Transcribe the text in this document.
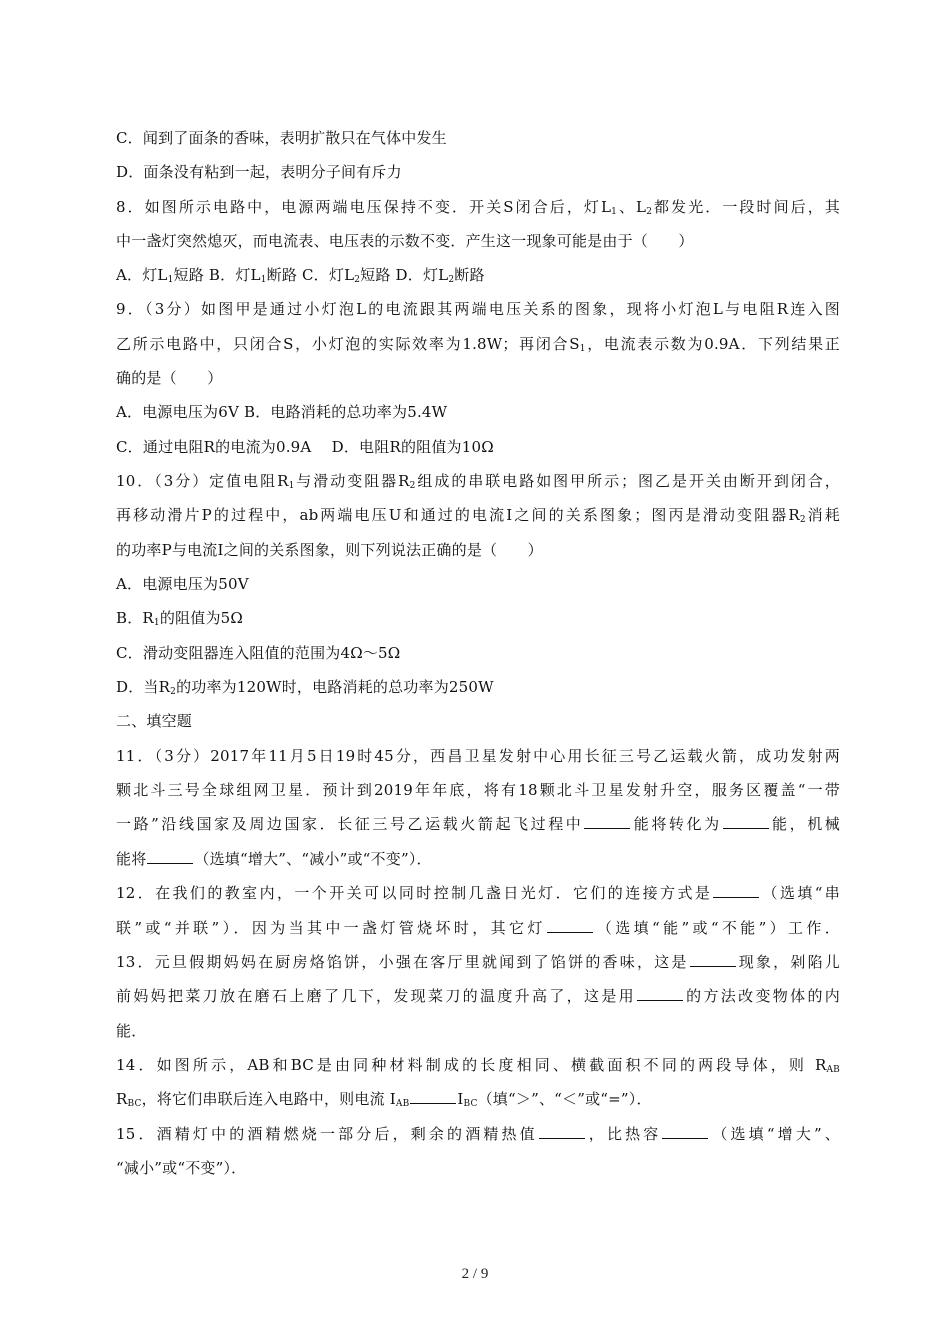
C．闻到了面条的香味，表明扩散只在气体中发生
D．面条没有粘到一起，表明分子间有斥力
8．如图所示电路中，电源两端电压保持不变．开关S闭合后，灯$L_1$、$L_2$都发光．一段时间后，其
中一盏灯突然熄灭，而电流表、电压表的示数不变．产生这一现象可能是由于（　　）
A．灯$L_1$短路 B．灯$L_1$断路 C．灯$L_2$短路 D．灯$L_2$断路
9．（3分）如图甲是通过小灯泡L的电流跟其两端电压关系的图象，现将小灯泡L与电阻R连入图
乙所示电路中，只闭合S，小灯泡的实际效率为1.8W；再闭合$S_1$，电流表示数为0.9A．下列结果正
确的是（　　）
A．电源电压为6V B．电路消耗的总功率为5.4W
C．通过电阻R的电流为0.9A　 D．电阻R的阻值为10Ω
10．（3分）定值电阻$R_1$与滑动变阻器$R_2$组成的串联电路如图甲所示；图乙是开关由断开到闭合，
再移动滑片P的过程中，ab两端电压U和通过的电流I之间的关系图象；图丙是滑动变阻器$R_2$消耗
的功率P与电流I之间的关系图象，则下列说法正确的是（　　）
A．电源电压为50V
B．$R_1$的阻值为5Ω
C．滑动变阻器连入阻值的范围为4Ω～5Ω
D．当$R_2$的功率为120W时，电路消耗的总功率为250W
二、填空题
11．（3分）2017年11月5日19时45分，西昌卫星发射中心用长征三号乙运载火箭，成功发射两
颗北斗三号全球组网卫星．预计到2019年年底，将有18颗北斗卫星发射升空，服务区覆盖“一带
一路”沿线国家及周边国家．长征三号乙运载火箭起飞过程中	能将转化为	能，机械
能将	（选填“增大”、“减小”或“不变”）．
12．在我们的教室内，一个开关可以同时控制几盏日光灯．它们的连接方式是	（选填“串
联”或“并联”）．因为当其中一盏灯管烧坏时，其它灯	（选填“能”或“不能”）工作．
13．元旦假期妈妈在厨房烙馅饼，小强在客厅里就闻到了馅饼的香味，这是	现象，剁陷儿
前妈妈把菜刀放在磨石上磨了几下，发现菜刀的温度升高了，这是用	的方法改变物体的内
能．
14．如图所示，AB和BC是由同种材料制成的长度相同、横截面积不同的两段导体，则 $R_{AB}$
$R_{BC}$，将它们串联后连入电路中，则电流 $I_{AB}$	$I_{BC}$（填“＞”、“＜”或“=”）．
15．酒精灯中的酒精燃烧一部分后，剩余的酒精热值	，比热容	（选填“增大”、
“减小”或“不变”）．
2 / 9
